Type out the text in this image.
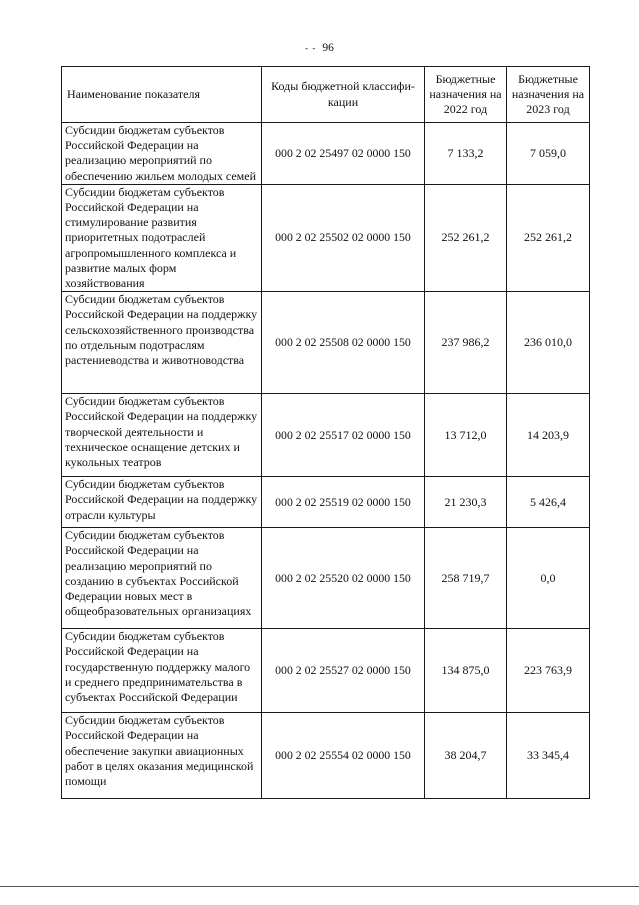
- - 96
Наименование показателя	Коды бюджетной классифи-кации	Бюджетные назначения на 2022 год	Бюджетные назначения на 2023 год
Субсидии бюджетам субъектов Российской Федерации на реализацию мероприятий по обеспечению жильем молодых семей	000 2 02 25497 02 0000 150	7 133,2	7 059,0
Субсидии бюджетам субъектов Российской Федерации на стимулирование развития приоритетных подотраслей агропромышленного комплекса и развитие малых форм хозяйствования	000 2 02 25502 02 0000 150	252 261,2	252 261,2
Субсидии бюджетам субъектов Российской Федерации на поддержку сельскохозяйственного производства по отдельным подотраслям растениеводства и животноводства	000 2 02 25508 02 0000 150	237 986,2	236 010,0
Субсидии бюджетам субъектов Российской Федерации на поддержку творческой деятельности и техническое оснащение детских и кукольных театров	000 2 02 25517 02 0000 150	13 712,0	14 203,9
Субсидии бюджетам субъектов Российской Федерации на поддержку отрасли культуры	000 2 02 25519 02 0000 150	21 230,3	5 426,4
Субсидии бюджетам субъектов Российской Федерации на реализацию мероприятий по созданию в субъектах Российской Федерации новых мест в общеобразовательных организациях	000 2 02 25520 02 0000 150	258 719,7	0,0
Субсидии бюджетам субъектов Российской Федерации на государственную поддержку малого и среднего предпринимательства в субъектах Российской Федерации	000 2 02 25527 02 0000 150	134 875,0	223 763,9
Субсидии бюджетам субъектов Российской Федерации на обеспечение закупки авиационных работ в целях оказания медицинской помощи	000 2 02 25554 02 0000 150	38 204,7	33 345,4
